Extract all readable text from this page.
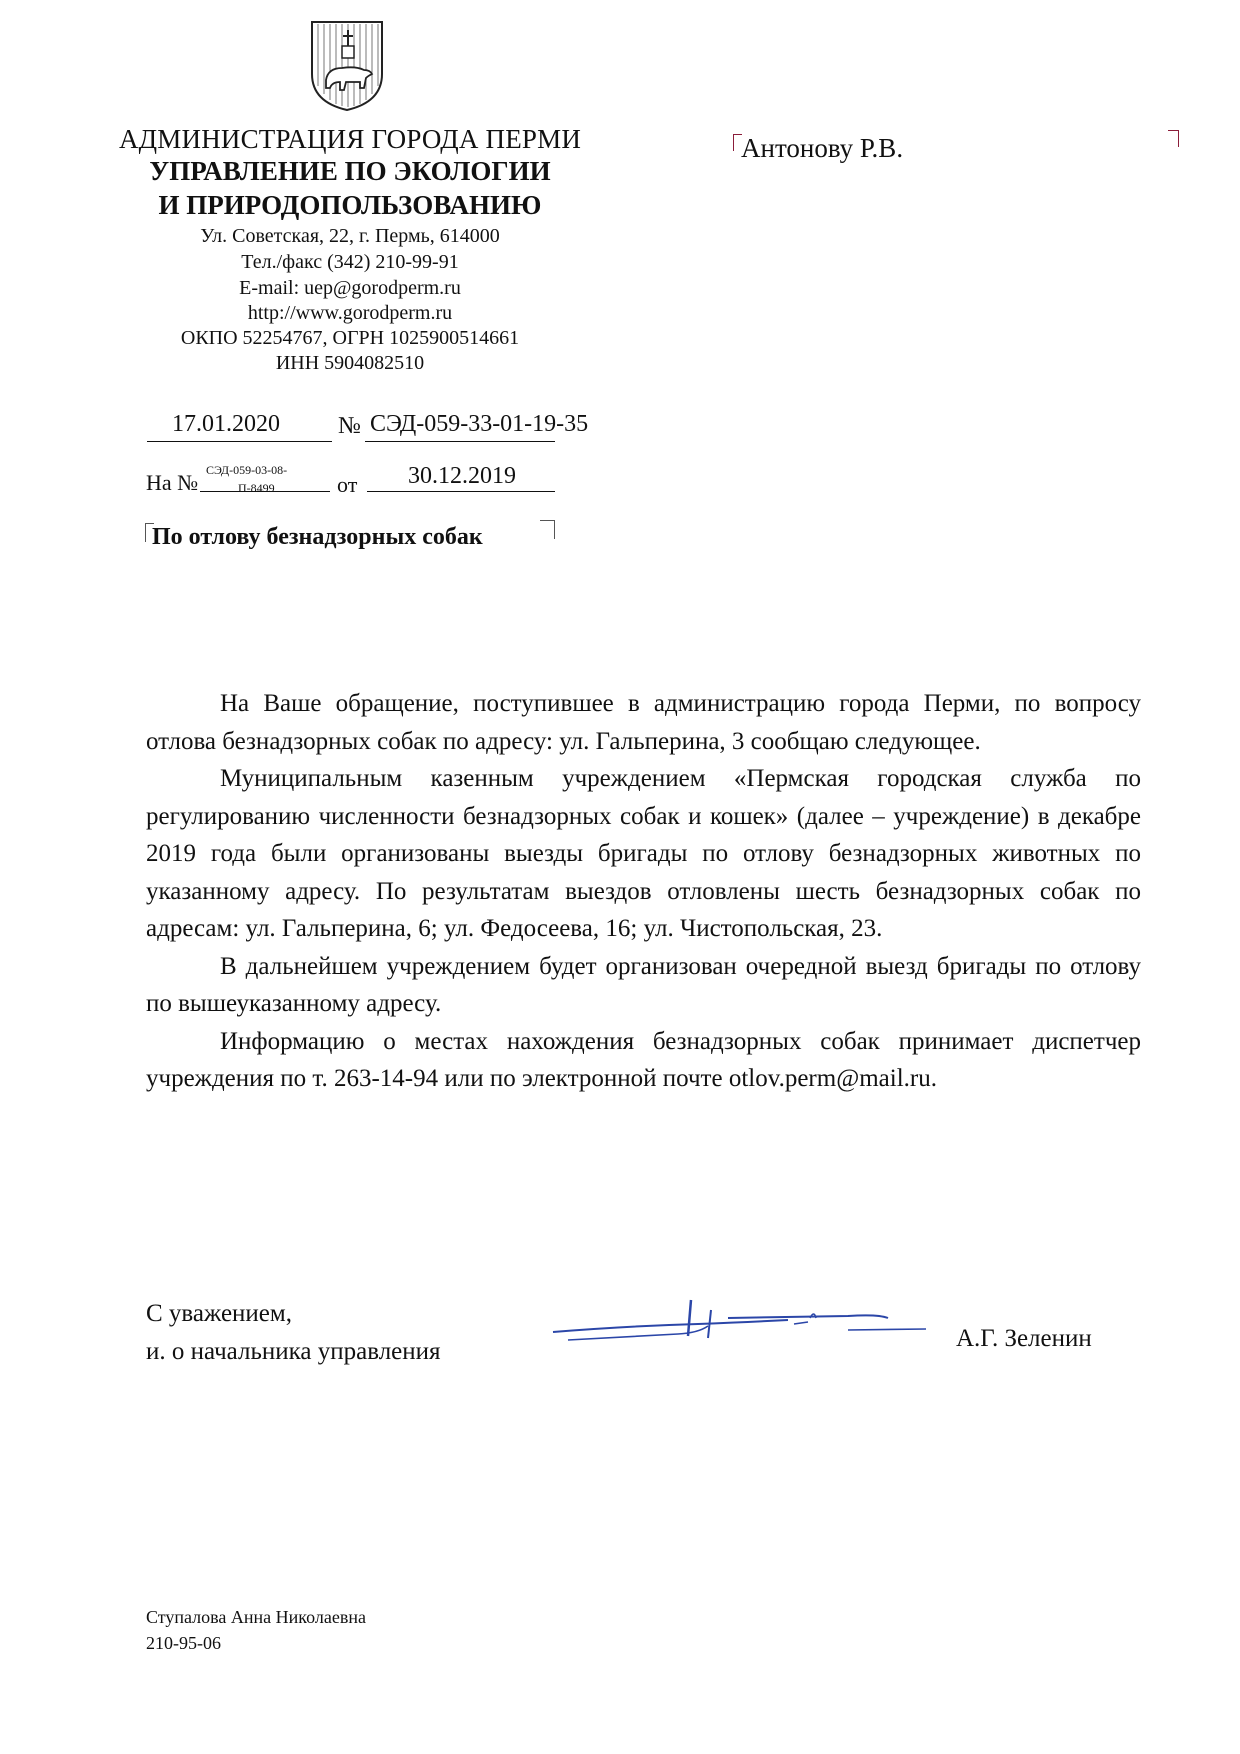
АДМИНИСТРАЦИЯ ГОРОДА ПЕРМИ
УПРАВЛЕНИЕ ПО ЭКОЛОГИИ
И ПРИРОДОПОЛЬЗОВАНИЮ
Ул. Советская, 22, г. Пермь, 614000
Тел./факс (342) 210-99-91
E-mail: uep@gorodperm.ru
http://www.gorodperm.ru
ОКПО 52254767, ОГРН 1025900514661
ИНН 5904082510
Антонову Р.В.
17.01.2020 № СЭД-059-33-01-19-35
На № СЭД-059-03-08-
П-8499	от 30.12.2019
По отлову безнадзорных собак

На Ваше обращение, поступившее в администрацию города Перми, по вопросу отлова безнадзорных собак по адресу: ул. Гальперина, 3 сообщаю следующее.

Муниципальным казенным учреждением «Пермская городская служба по регулированию численности безнадзорных собак и кошек» (далее – учреждение) в декабре 2019 года были организованы выезды бригады по отлову безнадзорных животных по указанному адресу. По результатам выездов отловлены шесть безнадзорных собак по адресам: ул. Гальперина, 6; ул. Федосеева, 16; ул. Чистопольская, 23.

В дальнейшем учреждением будет организован очередной выезд бригады по отлову по вышеуказанному адресу.

Информацию о местах нахождения безнадзорных собак принимает диспетчер учреждения по т. 263-14-94 или по электронной почте otlov.perm@mail.ru.

С уважением,
и. о начальника управления	А.Г. Зеленин
Ступалова Анна Николаевна
210-95-06
